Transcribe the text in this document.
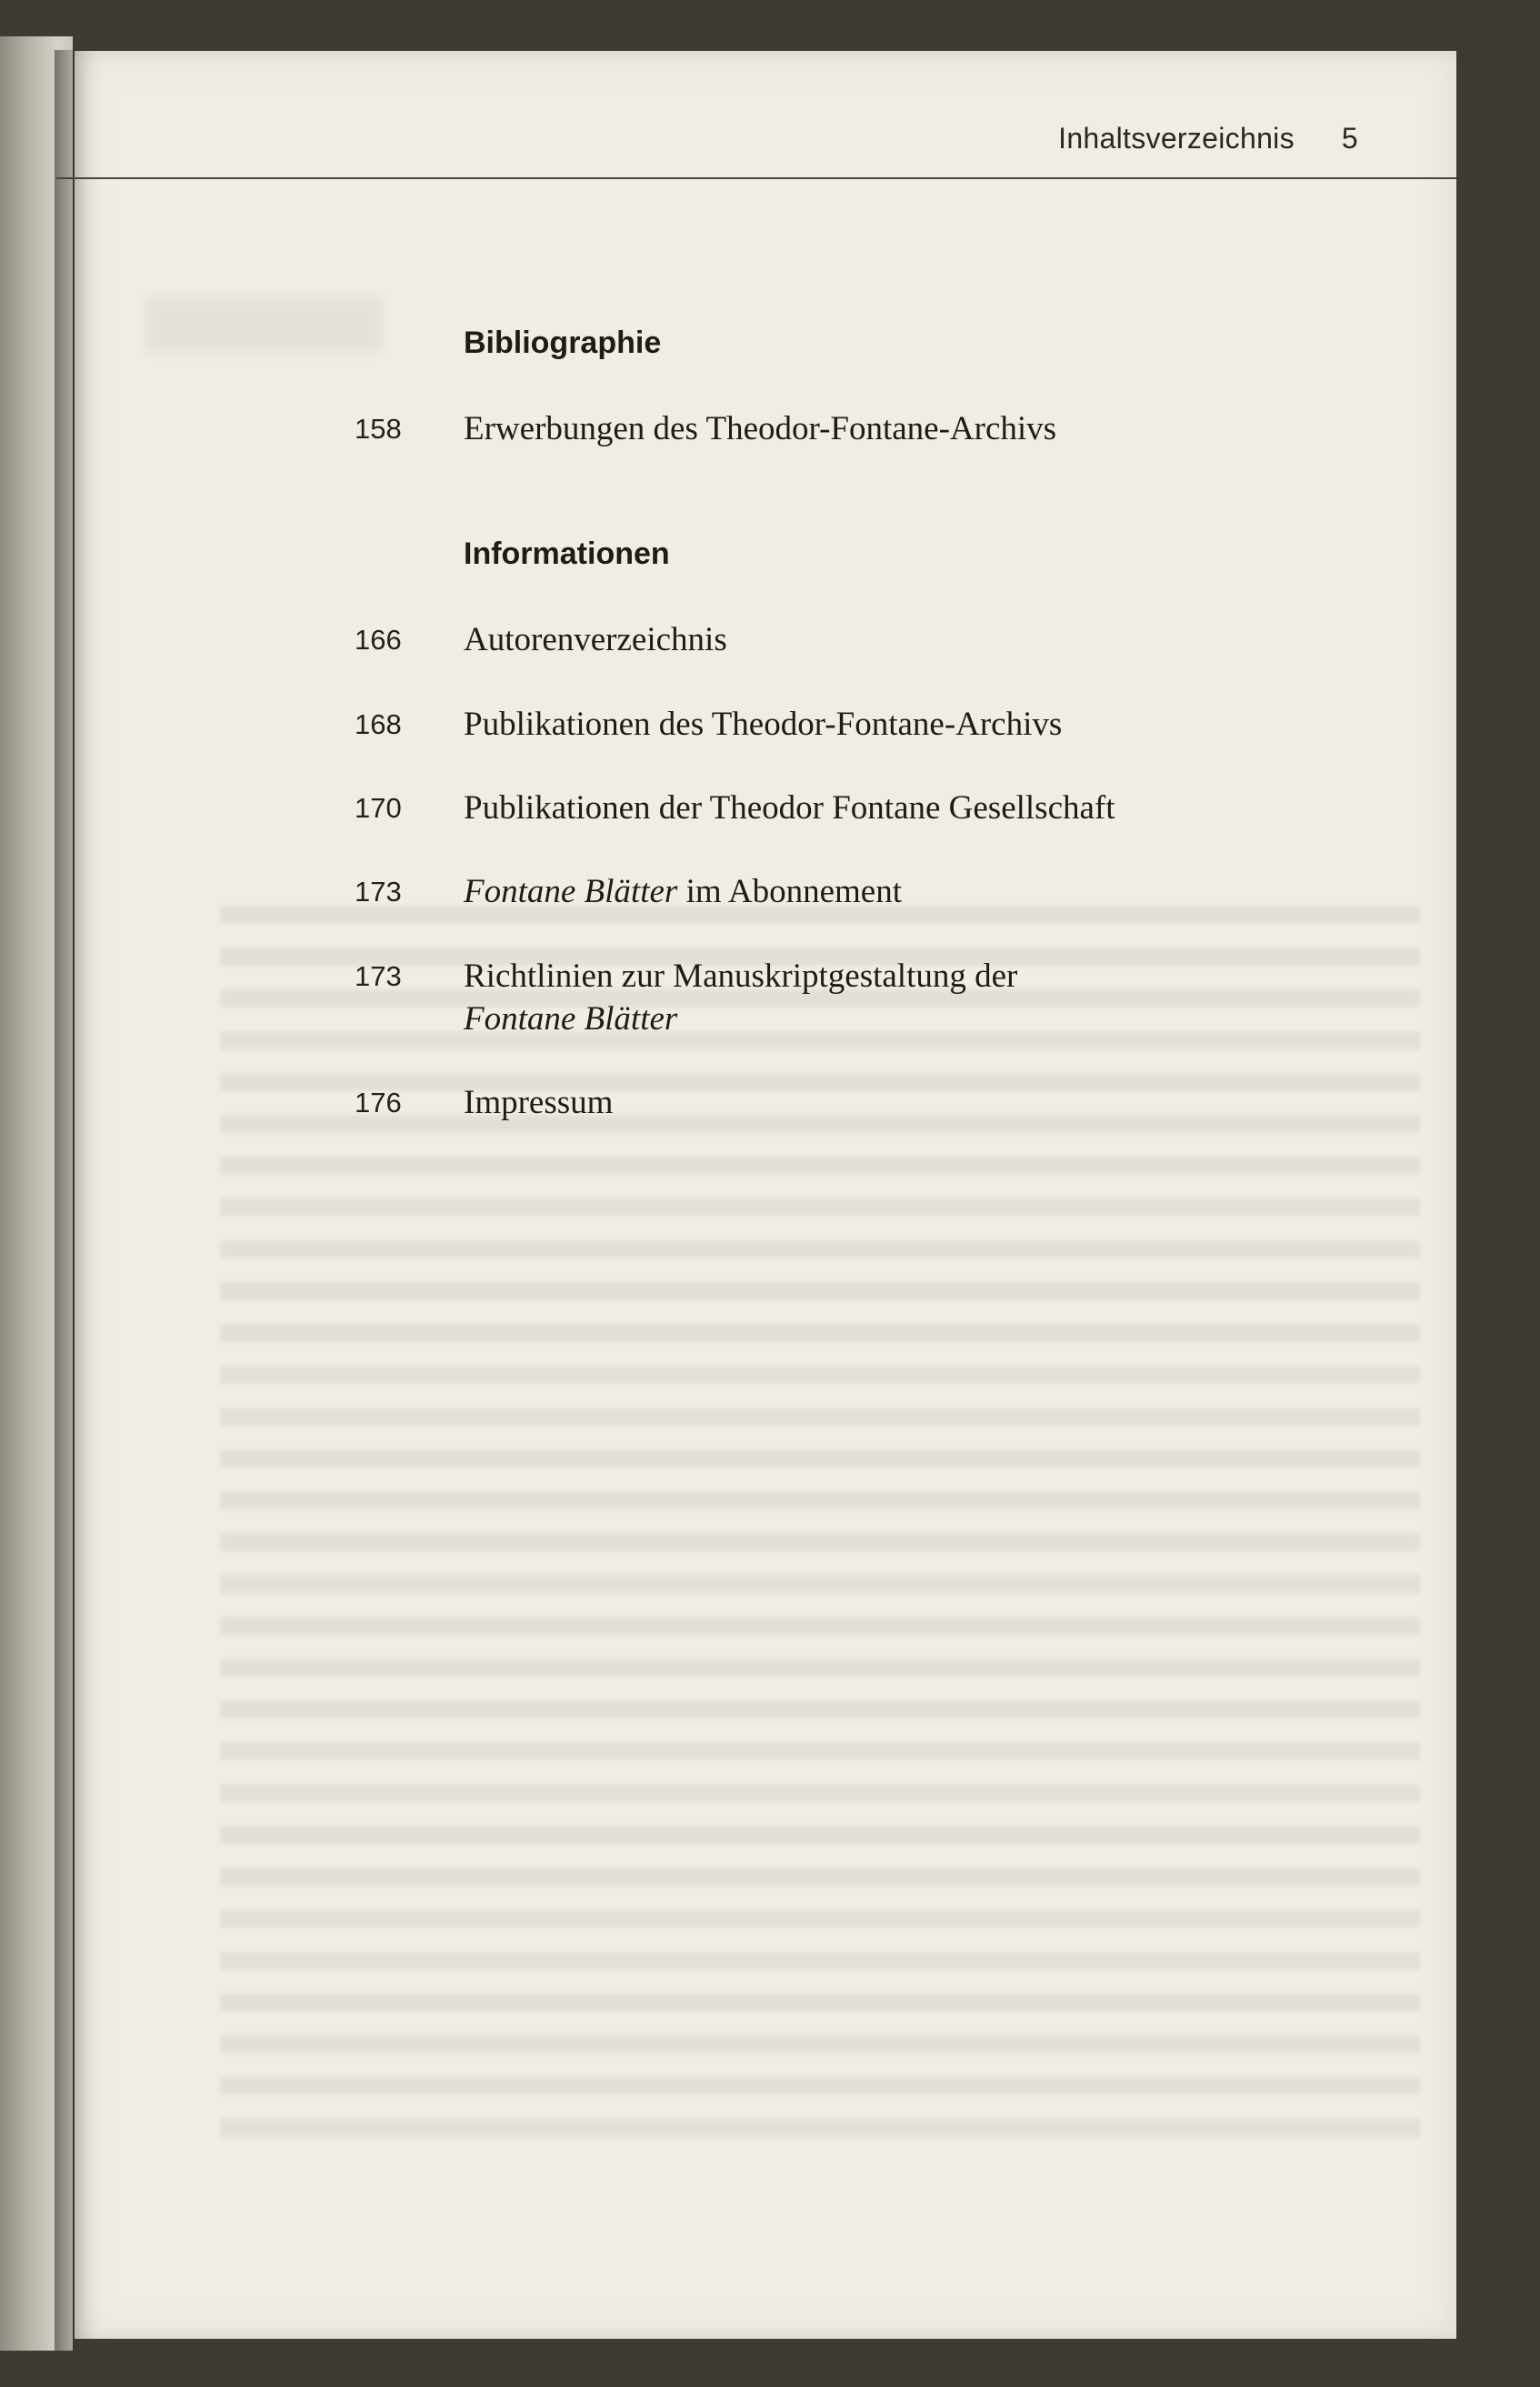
Inhaltsverzeichnis 5
Bibliographie
158 Erwerbungen des Theodor-Fontane-Archivs
Informationen
166 Autorenverzeichnis
168 Publikationen des Theodor-Fontane-Archivs
170 Publikationen der Theodor Fontane Gesellschaft
173 Fontane Blätter im Abonnement
173 Richtlinien zur Manuskriptgestaltung der
Fontane Blätter
176 Impressum
